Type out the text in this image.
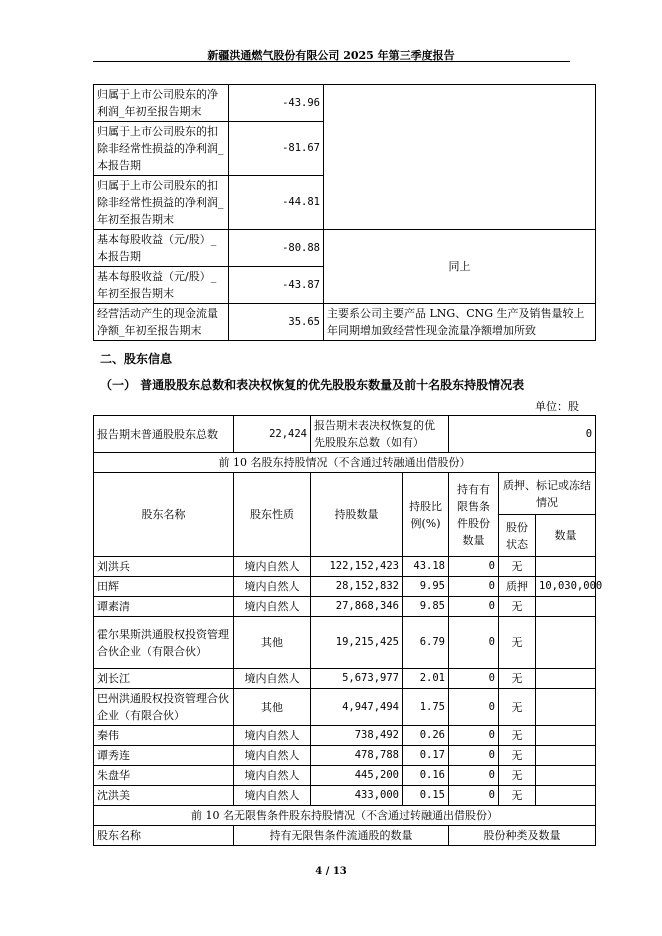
新疆洪通燃气股份有限公司 2025 年第三季度报告
归属于上市公司股东的净利润_年初至报告期末	-43.96	
归属于上市公司股东的扣除非经常性损益的净利润_本报告期	-81.67	
归属于上市公司股东的扣除非经常性损益的净利润_年初至报告期末	-44.81	
基本每股收益（元/股）_本报告期	-80.88	同上
基本每股收益（元/股）_年初至报告期末	-43.87	
经营活动产生的现金流量净额_年初至报告期末	35.65	主要系公司主要产品 LNG、CNG 生产及销售量较上年同期增加致经营性现金流量净额增加所致
二、股东信息
（一） 普通股股东总数和表决权恢复的优先股股东数量及前十名股东持股情况表
单位：股
报告期末普通股股东总数	22,424	报告期末表决权恢复的优先股股东总数（如有）		0		
前 10 名股东持股情况（不含通过转融通出借股份）						
股东名称	股东性质	持股数量	持股比例(%)	持有有限售条件股份数量	质押、标记或冻结情况	
					股份状态	数量
刘洪兵	境内自然人	122,152,423	43.18	0	无	
田辉	境内自然人	28,152,832	9.95	0	质押	10,030,000
谭素清	境内自然人	27,868,346	9.85	0	无	
霍尔果斯洪通股权投资管理合伙企业（有限合伙）	其他	19,215,425	6.79	0	无	
刘长江	境内自然人	5,673,977	2.01	0	无	
巴州洪通股权投资管理合伙企业（有限合伙）	其他	4,947,494	1.75	0	无	
秦伟	境内自然人	738,492	0.26	0	无	
谭秀连	境内自然人	478,788	0.17	0	无	
朱盘华	境内自然人	445,200	0.16	0	无	
沈洪美	境内自然人	433,000	0.15	0	无	
前 10 名无限售条件股东持股情况（不含通过转融通出借股份）						
股东名称	持有无限售条件流通股的数量			股份种类及数量		
4 / 13
